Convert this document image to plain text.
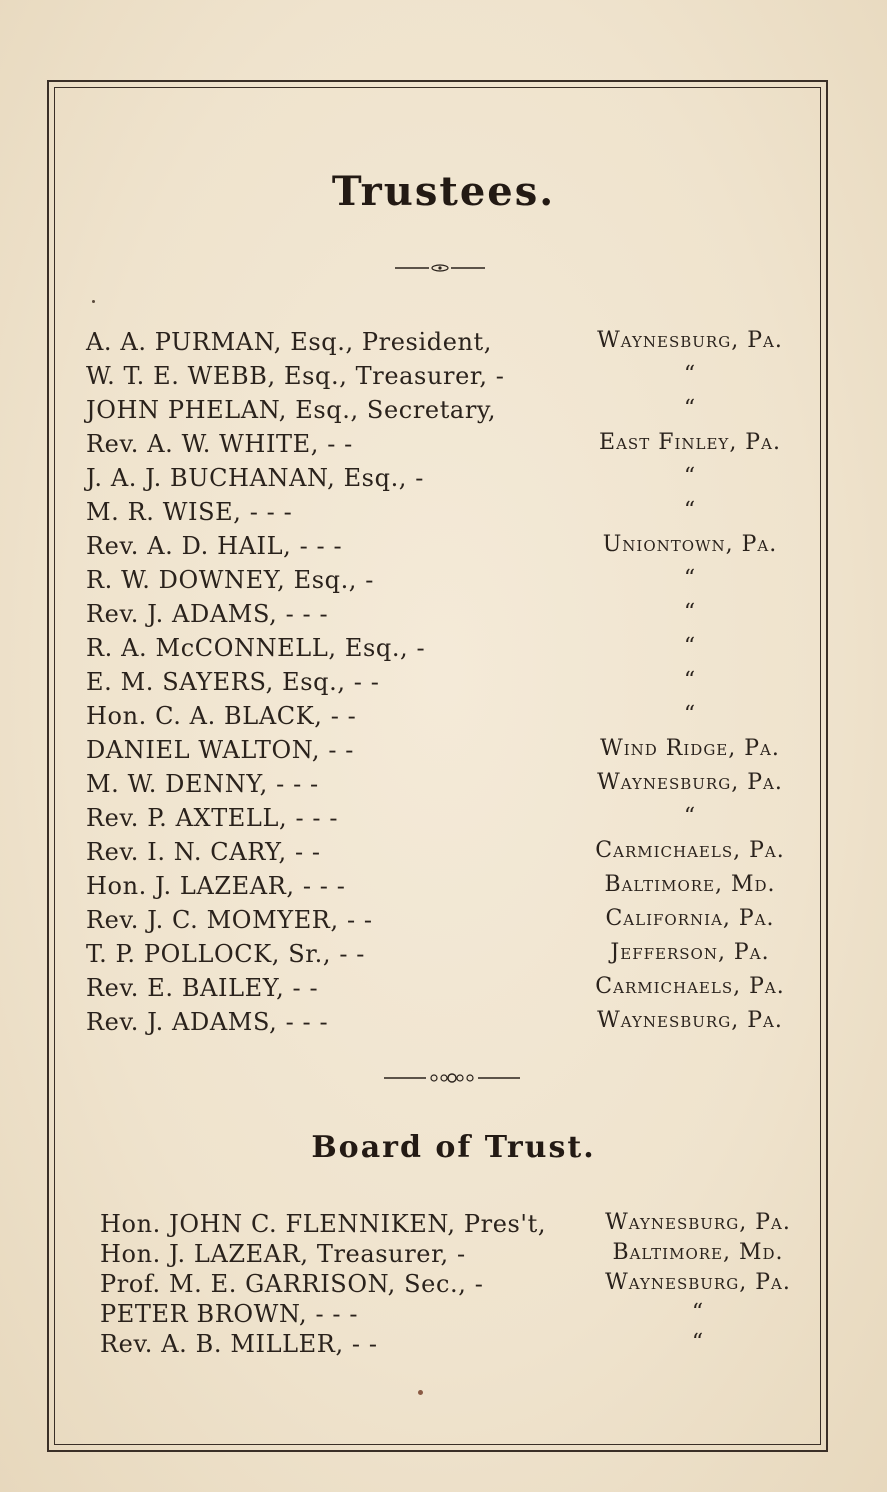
Trustees.
A. A. PURMAN, Esq., President,	Waynesburg, Pa.
W. T. E. WEBB, Esq., Treasurer, -	“
JOHN PHELAN, Esq., Secretary,	“
Rev. A. W. WHITE, - -	East Finley, Pa.
J. A. J. BUCHANAN, Esq., -	“
M. R. WISE, - - -	“
Rev. A. D. HAIL, - - -	Uniontown, Pa.
R. W. DOWNEY, Esq., -	“
Rev. J. ADAMS, - - -	“
R. A. McCONNELL, Esq., -	“
E. M. SAYERS, Esq., - -	“
Hon. C. A. BLACK, - -	“
DANIEL WALTON, - -	Wind Ridge, Pa.
M. W. DENNY, - - -	Waynesburg, Pa.
Rev. P. AXTELL, - - -	“
Rev. I. N. CARY, - -	Carmichaels, Pa.
Hon. J. LAZEAR, - - -	Baltimore, Md.
Rev. J. C. MOMYER, - -	California, Pa.
T. P. POLLOCK, Sr., - -	Jefferson, Pa.
Rev. E. BAILEY, - -	Carmichaels, Pa.
Rev. J. ADAMS, - - -	Waynesburg, Pa.
Board of Trust.
Hon. JOHN C. FLENNIKEN, Pres't,	Waynesburg, Pa.
Hon. J. LAZEAR, Treasurer, -	Baltimore, Md.
Prof. M. E. GARRISON, Sec., -	Waynesburg, Pa.
PETER BROWN, - - -	“
Rev. A. B. MILLER, - -	“
